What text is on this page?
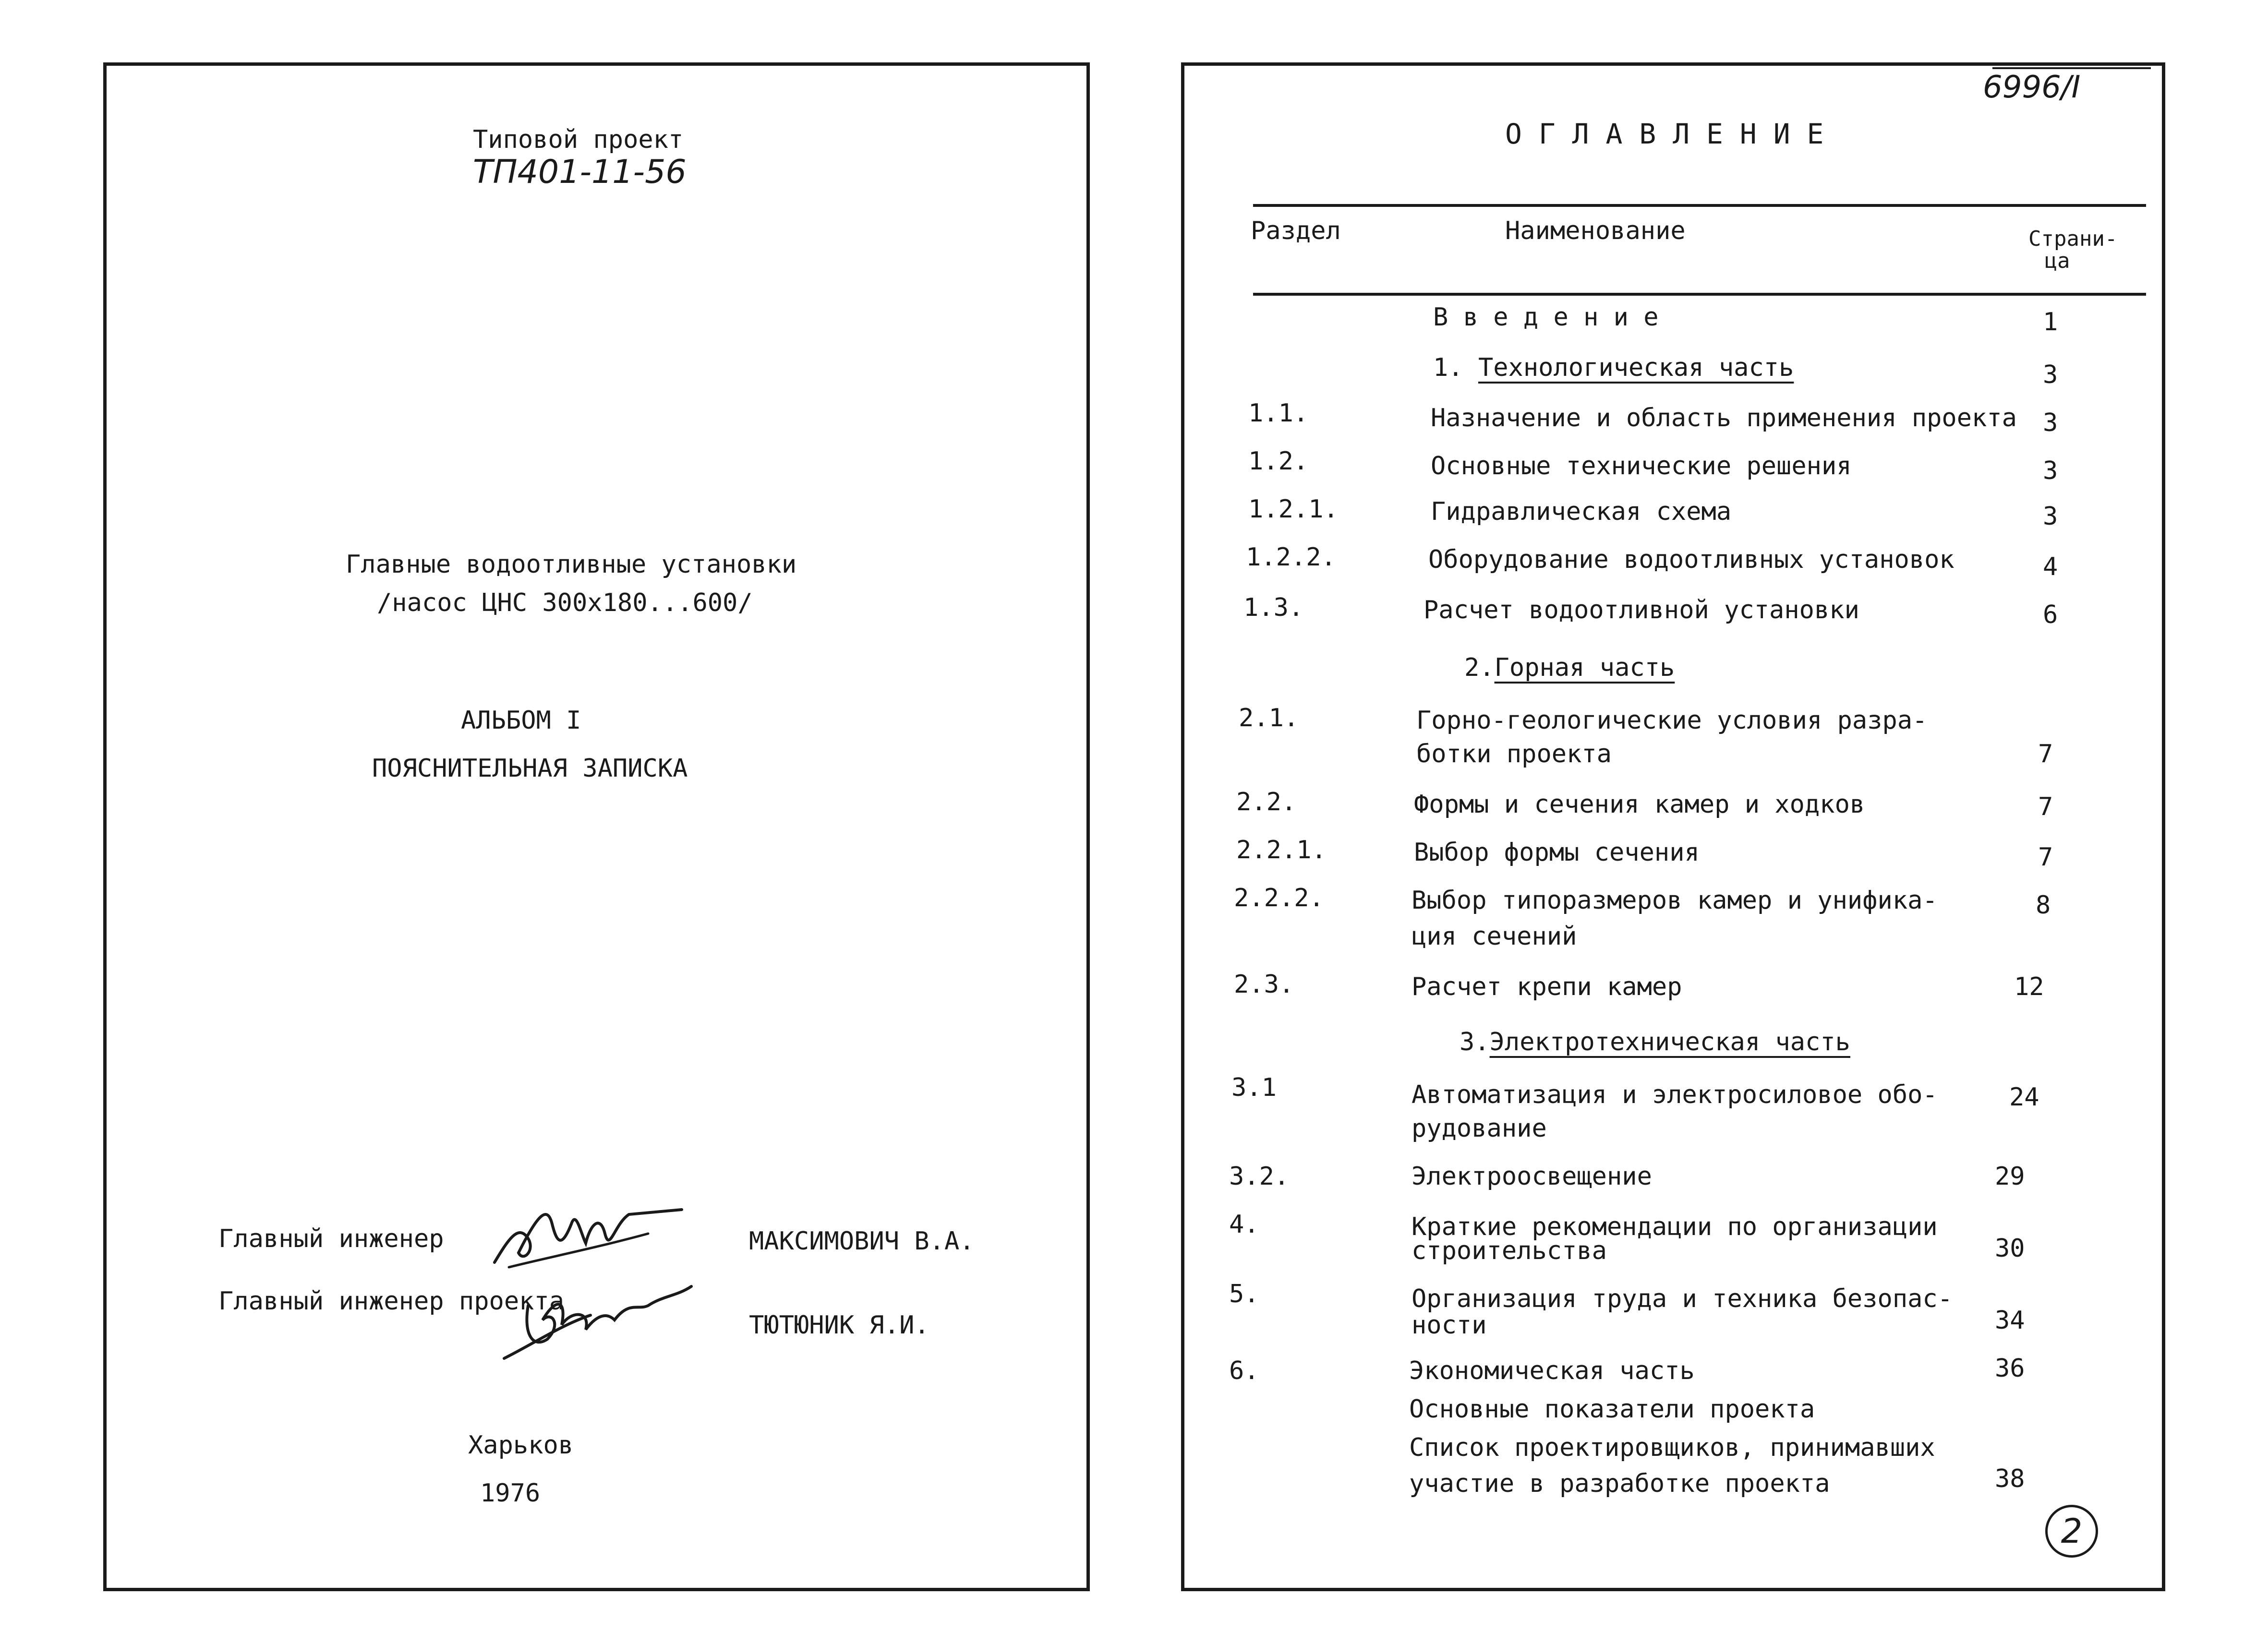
Типовой проект
ТП401-11-56
Главные водоотливные установки
/насос ЦНС 300х180...600/
АЛЬБОМ I
ПОЯСНИТЕЛЬНАЯ ЗАПИСКА
Главный инженер	МАКСИМОВИЧ В.А.
Главный инженер проекта
ТЮТЮНИК Я.И.
Харьков
1976
6996/I
О Г Л А В Л Е Н И Е
Раздел	Наименование	Страни- ца
В в е д е н и е	1
1. Технологическая часть	3
1.1.	Назначение и область применения проекта 3
1.2.	Основные технические решения	3
1.2.1.	Гидравлическая схема	3
1.2.2.	Оборудование водоотливных установок	4
1.3.	Расчет водоотливной установки	6
2.Горная часть
2.1.	Горно-геологические условия разра-
ботки проекта	7
2.2.	Формы и сечения камер и ходков	7
2.2.1.	Выбор формы сечения	7
2.2.2.	Выбор типоразмеров камер и унифика-
ция сечений
8
2.3.	Расчет крепи камер	12
3.Электротехническая часть
3.1	Автоматизация и электросиловое обо-
рудование
24
3.2.	Электроосвещение	29
4.	Краткие рекомендации по организации
строительства	30
5.	Организация труда и техника безопас-
ности	34
6.	Экономическая часть	36
Основные показатели проекта
Список проектировщиков, принимавших
участие в разработке проекта	38
2
